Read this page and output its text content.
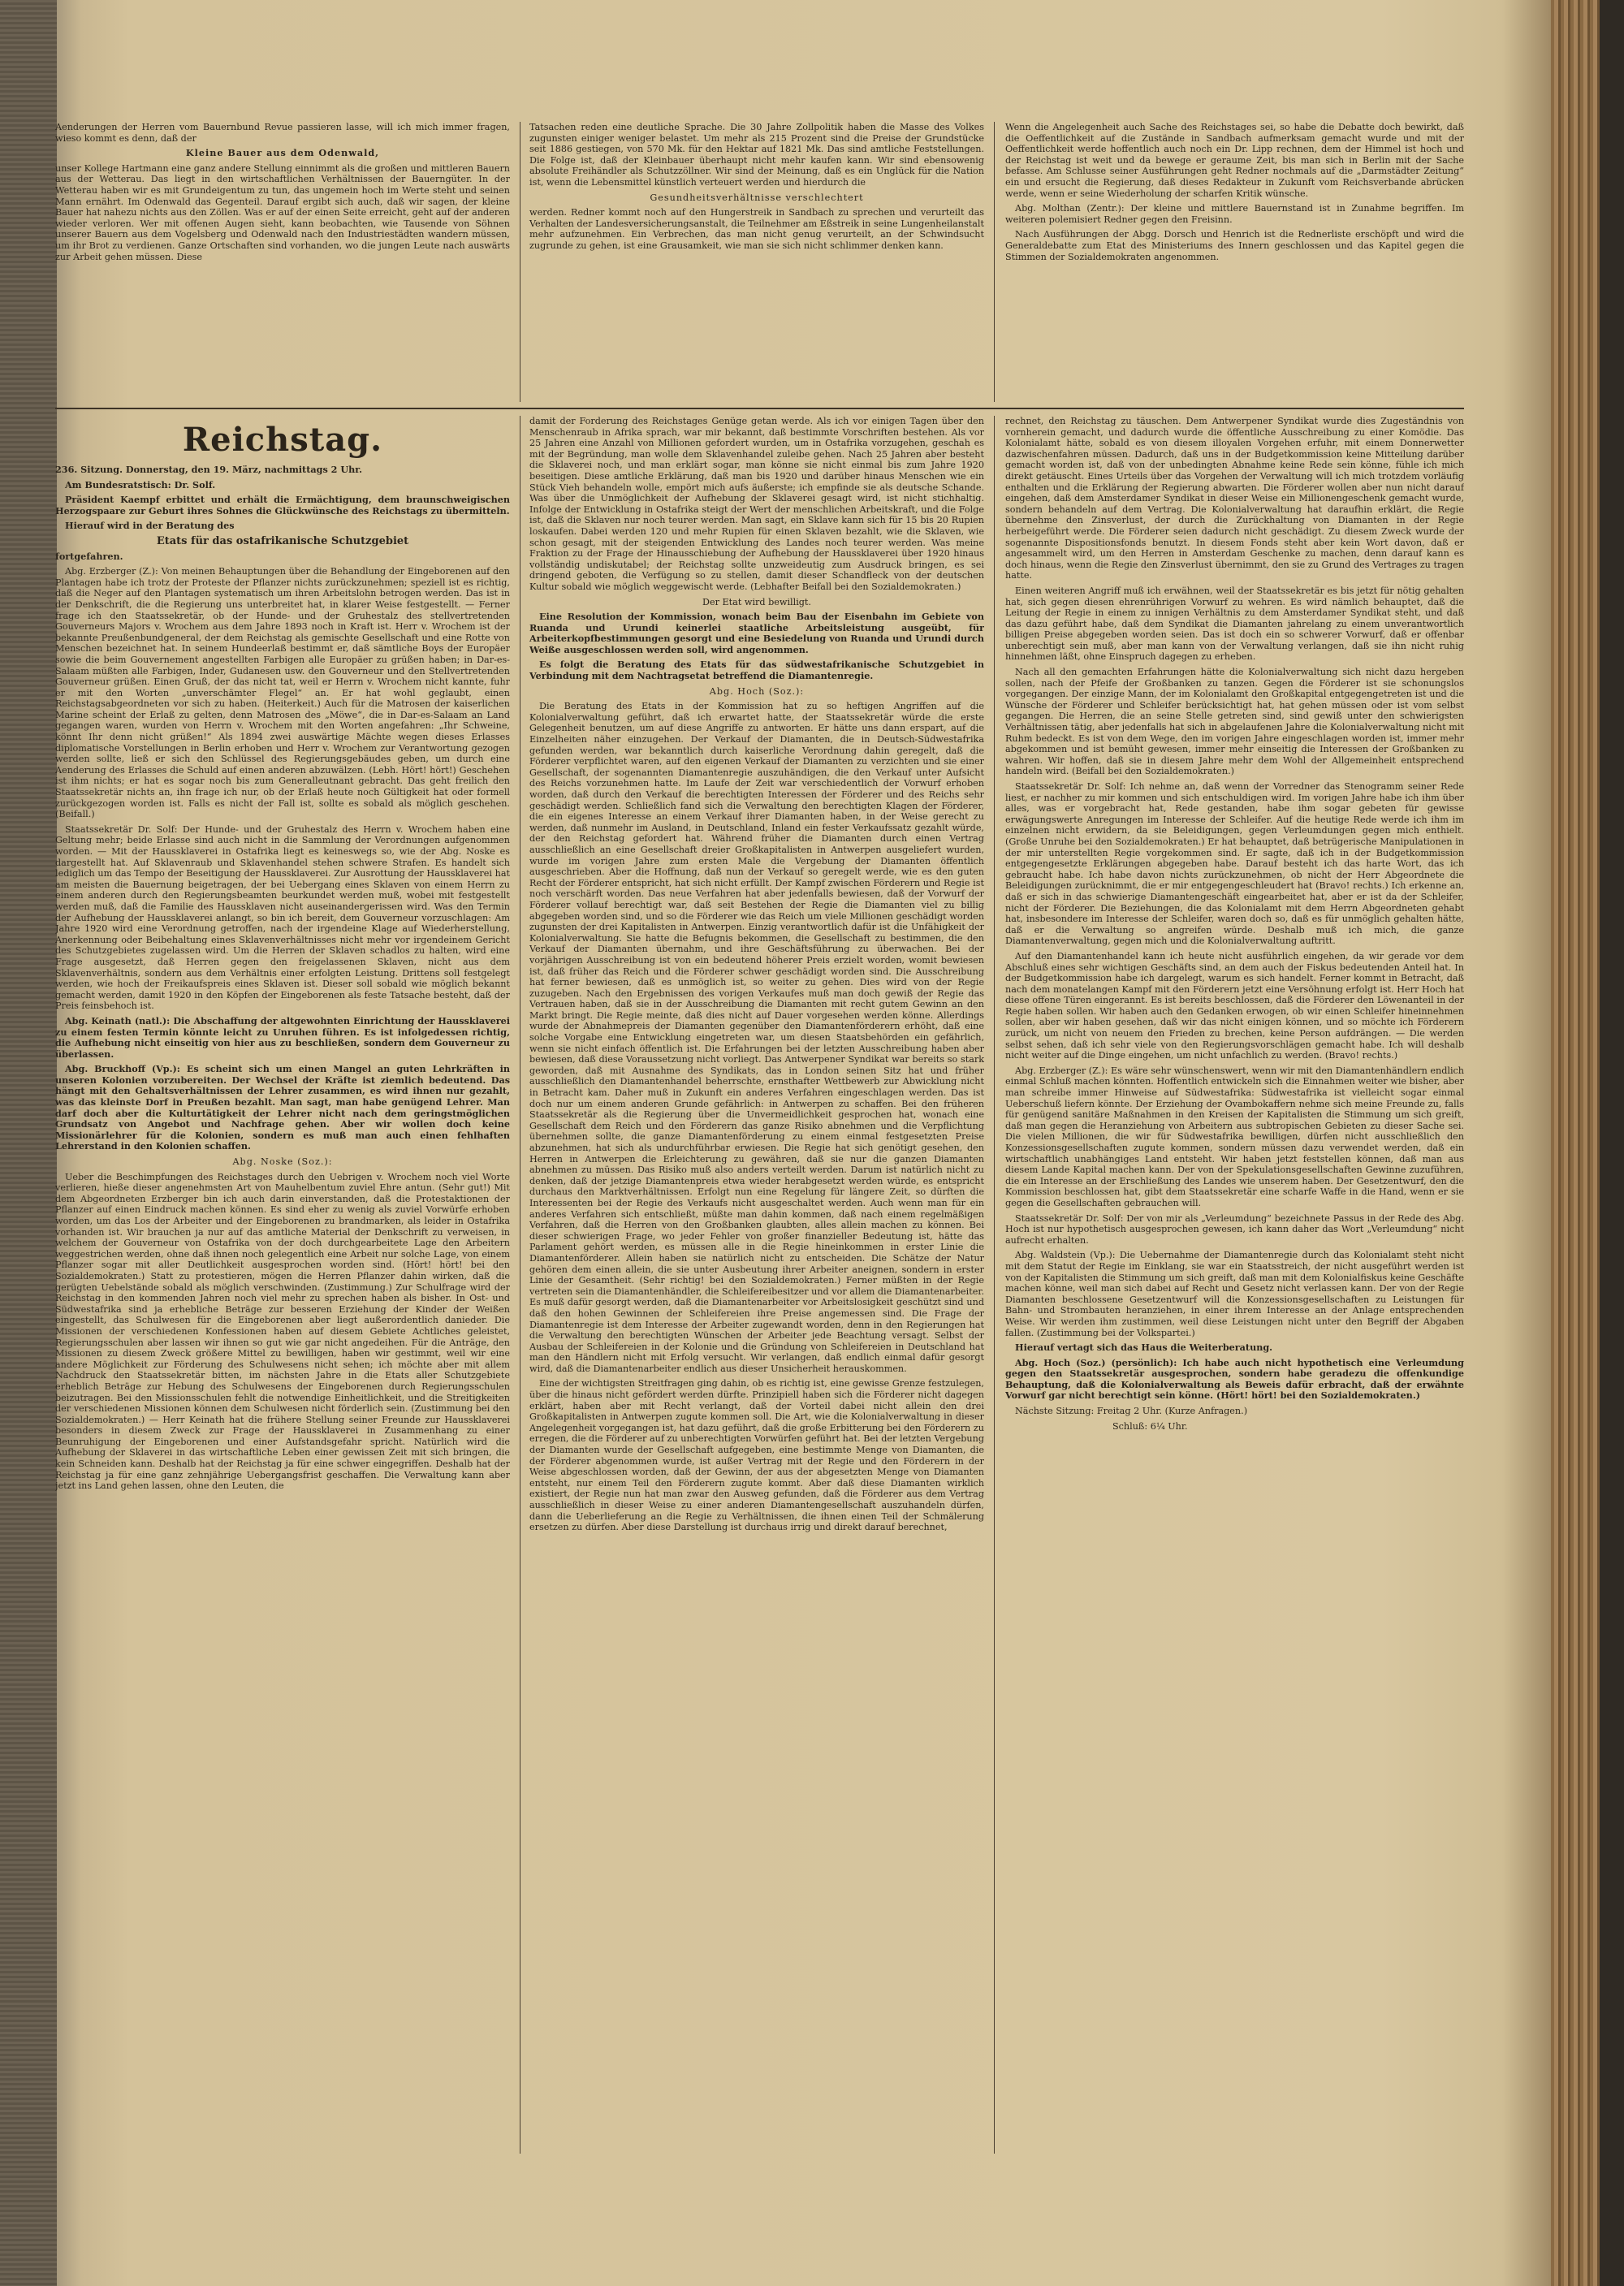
Aenderungen der Herren vom Bauernbund Revue passieren lasse, will ich mich immer fragen, wieso kommt es denn, daß der

Kleine Bauer aus dem Odenwald,

unser Kollege Hartmann eine ganz andere Stellung einnimmt als die großen und mittleren Bauern aus der Wetterau. Das liegt in den wirtschaftlichen Verhältnissen der Bauerngüter. In der Wetterau haben wir es mit Grundeigentum zu tun, das ungemein hoch im Werte steht und seinen Mann ernährt. Im Odenwald das Gegenteil. Darauf ergibt sich auch, daß wir sagen, der kleine Bauer hat nahezu nichts aus den Zöllen. Was er auf der einen Seite erreicht, geht auf der anderen wieder verloren. Wer mit offenen Augen sieht, kann beobachten, wie Tausende von Söhnen unserer Bauern aus dem Vogelsberg und Odenwald nach den Industriestädten wandern müssen, um ihr Brot zu verdienen. Ganze Ortschaften sind vorhanden, wo die jungen Leute nach auswärts zur Arbeit gehen müssen. Diese

Tatsachen reden eine deutliche Sprache. Die 30 Jahre Zollpolitik haben die Masse des Volkes zugunsten einiger weniger belastet. Um mehr als 215 Prozent sind die Preise der Grundstücke seit 1886 gestiegen, von 570 Mk. für den Hektar auf 1821 Mk. Das sind amtliche Feststellungen. Die Folge ist, daß der Kleinbauer überhaupt nicht mehr kaufen kann. Wir sind ebensowenig absolute Freihändler als Schutzzöllner. Wir sind der Meinung, daß es ein Unglück für die Nation ist, wenn die Lebensmittel künstlich verteuert werden und hierdurch die

Gesundheitsverhältnisse verschlechtert

werden. Redner kommt noch auf den Hungerstreik in Sandbach zu sprechen und verurteilt das Verhalten der Landesversicherungsanstalt, die Teilnehmer am Eßstreik in seine Lungenheilanstalt mehr aufzunehmen. Ein Verbrechen, das man nicht genug verurteilt, an der Schwindsucht zugrunde zu gehen, ist eine Grausamkeit, wie man sie sich nicht schlimmer denken kann.

Wenn die Angelegenheit auch Sache des Reichstages sei, so habe die Debatte doch bewirkt, daß die Oeffentlichkeit auf die Zustände in Sandbach aufmerksam gemacht wurde und mit der Oeffentlichkeit werde hoffentlich auch noch ein Dr. Lipp rechnen, dem der Himmel ist hoch und der Reichstag ist weit und da bewege er geraume Zeit, bis man sich in Berlin mit der Sache befasse. Am Schlusse seiner Ausführungen geht Redner nochmals auf die „Darmstädter Zeitung“ ein und ersucht die Regierung, daß dieses Redakteur in Zukunft vom Reichsverbande abrücken werde, wenn er seine Wiederholung der scharfen Kritik wünsche.

Abg. Molthan (Zentr.): Der kleine und mittlere Bauernstand ist in Zunahme begriffen. Im weiteren polemisiert Redner gegen den Freisinn.

Nach Ausführungen der Abgg. Dorsch und Henrich ist die Rednerliste erschöpft und wird die Generaldebatte zum Etat des Ministeriums des Innern geschlossen und das Kapitel gegen die Stimmen der Sozialdemokraten angenommen.

Reichstag.

236. Sitzung. Donnerstag, den 19. März, nachmittags 2 Uhr.

Am Bundesratstisch: Dr. Solf.

Präsident Kaempf erbittet und erhält die Ermächtigung, dem braunschweigischen Herzogspaare zur Geburt ihres Sohnes die Glückwünsche des Reichstags zu übermitteln.

Hierauf wird in der Beratung des

Etats für das ostafrikanische Schutzgebiet

fortgefahren.

Abg. Erzberger (Z.): Von meinen Behauptungen über die Behandlung der Eingeborenen auf den Plantagen habe ich trotz der Proteste der Pflanzer nichts zurückzunehmen; speziell ist es richtig, daß die Neger auf den Plantagen systematisch um ihren Arbeitslohn betrogen werden. Das ist in der Denkschrift, die die Regierung uns unterbreitet hat, in klarer Weise festgestellt. — Ferner frage ich den Staatssekretär, ob der Hunde- und der Gruhestalz des stellvertretenden Gouverneurs Majors v. Wrochem aus dem Jahre 1893 noch in Kraft ist. Herr v. Wrochem ist der bekannte Preußenbundgeneral, der dem Reichstag als gemischte Gesellschaft und eine Rotte von Menschen bezeichnet hat. In seinem Hundeerlaß bestimmt er, daß sämtliche Boys der Europäer sowie die beim Gouvernement angestellten Farbigen alle Europäer zu grüßen haben; in Dar-es-Salaam müßten alle Farbigen, Inder, Gudanesen usw. den Gouverneur und den Stellvertretenden Gouverneur grüßen. Einen Gruß, der das nicht tat, weil er Herrn v. Wrochem nicht kannte, fuhr er mit den Worten „unverschämter Flegel“ an. Er hat wohl geglaubt, einen Reichstagsabgeordneten vor sich zu haben. (Heiterkeit.) Auch für die Matrosen der kaiserlichen Marine scheint der Erlaß zu gelten, denn Matrosen des „Möwe“, die in Dar-es-Salaam an Land gegangen waren, wurden von Herrn v. Wrochem mit den Worten angefahren: „Ihr Schweine, könnt Ihr denn nicht grüßen!“ Als 1894 zwei auswärtige Mächte wegen dieses Erlasses diplomatische Vorstellungen in Berlin erhoben und Herr v. Wrochem zur Verantwortung gezogen werden sollte, ließ er sich den Schlüssel des Regierungsgebäudes geben, um durch eine Aenderung des Erlasses die Schuld auf einen anderen abzuwälzen. (Lebh. Hört! hört!) Geschehen ist ihm nichts; er hat es sogar noch bis zum Generalleutnant gebracht. Das geht freilich den Staatssekretär nichts an, ihn frage ich nur, ob der Erlaß heute noch Gültigkeit hat oder formell zurückgezogen worden ist. Falls es nicht der Fall ist, sollte es sobald als möglich geschehen. (Beifall.)

Staatssekretär Dr. Solf: Der Hunde- und der Gruhestalz des Herrn v. Wrochem haben eine Geltung mehr; beide Erlasse sind auch nicht in die Sammlung der Verordnungen aufgenommen worden. — Mit der Haussklaverei in Ostafrika liegt es keineswegs so, wie der Abg. Noske es dargestellt hat. Auf Sklavenraub und Sklavenhandel stehen schwere Strafen. Es handelt sich lediglich um das Tempo der Beseitigung der Haussklaverei. Zur Ausrottung der Haussklaverei hat am meisten die Bauernung beigetragen, der bei Uebergang eines Sklaven von einem Herrn zu einem anderen durch den Regierungsbeamten beurkundet werden muß, wobei mit festgestellt werden muß, daß die Familie des Haussklaven nicht auseinandergerissen wird. Was den Termin der Aufhebung der Haussklaverei anlangt, so bin ich bereit, dem Gouverneur vorzuschlagen: Am Jahre 1920 wird eine Verordnung getroffen, nach der irgendeine Klage auf Wiederherstellung, Anerkennung oder Beibehaltung eines Sklavenverhältnisses nicht mehr vor irgendeinem Gericht des Schutzgebietes zugelassen wird. Um die Herren der Sklaven schadlos zu halten, wird eine Frage ausgesetzt, daß Herren gegen den freigelassenen Sklaven, nicht aus dem Sklavenverhältnis, sondern aus dem Verhältnis einer erfolgten Leistung. Drittens soll festgelegt werden, wie hoch der Freikaufspreis eines Sklaven ist. Dieser soll sobald wie möglich bekannt gemacht werden, damit 1920 in den Köpfen der Eingeborenen als feste Tatsache besteht, daß der Preis feinsbehoch ist.

Abg. Keinath (natl.): Die Abschaffung der altgewohnten Einrichtung der Haussklaverei zu einem festen Termin könnte leicht zu Unruhen führen. Es ist infolgedessen richtig, die Aufhebung nicht einseitig von hier aus zu beschließen, sondern dem Gouverneur zu überlassen.

Abg. Bruckhoff (Vp.): Es scheint sich um einen Mangel an guten Lehrkräften in unseren Kolonien vorzubereiten. Der Wechsel der Kräfte ist ziemlich bedeutend. Das hängt mit den Gehaltsverhältnissen der Lehrer zusammen, es wird ihnen nur gezahlt, was das kleinste Dorf in Preußen bezahlt. Man sagt, man habe genügend Lehrer. Man darf doch aber die Kulturtätigkeit der Lehrer nicht nach dem geringstmöglichen Grundsatz von Angebot und Nachfrage gehen. Aber wir wollen doch keine Missionärlehrer für die Kolonien, sondern es muß man auch einen fehlhaften Lehrerstand in den Kolonien schaffen.

Abg. Noske (Soz.):

Ueber die Beschimpfungen des Reichstages durch den Uebrigen v. Wrochem noch viel Worte verlieren, hieße dieser angenehmsten Art von Mauhelbentum zuviel Ehre antun. (Sehr gut!) Mit dem Abgeordneten Erzberger bin ich auch darin einverstanden, daß die Protestaktionen der Pflanzer auf einen Eindruck machen können. Es sind eher zu wenig als zuviel Vorwürfe erhoben worden, um das Los der Arbeiter und der Eingeborenen zu brandmarken, als leider in Ostafrika vorhanden ist. Wir brauchen ja nur auf das amtliche Material der Denkschrift zu verweisen, in welchem der Gouverneur von Ostafrika von der doch durchgearbeitete Lage den Arbeitern weggestrichen werden, ohne daß ihnen noch gelegentlich eine Arbeit nur solche Lage, von einem Pflanzer sogar mit aller Deutlichkeit ausgesprochen worden sind. (Hört! hört! bei den Sozialdemokraten.) Statt zu protestieren, mögen die Herren Pflanzer dahin wirken, daß die gerügten Uebelstände sobald als möglich verschwinden. (Zustimmung.) Zur Schulfrage wird der Reichstag in den kommenden Jahren noch viel mehr zu sprechen haben als bisher. In Ost- und Südwestafrika sind ja erhebliche Beträge zur besseren Erziehung der Kinder der Weißen eingestellt, das Schulwesen für die Eingeborenen aber liegt außerordentlich danieder. Die Missionen der verschiedenen Konfessionen haben auf diesem Gebiete Achtliches geleistet, Regierungsschulen aber lassen wir ihnen so gut wie gar nicht angedeihen. Für die Anträge, den Missionen zu diesem Zweck größere Mittel zu bewilligen, haben wir gestimmt, weil wir eine andere Möglichkeit zur Förderung des Schulwesens nicht sehen; ich möchte aber mit allem Nachdruck den Staatssekretär bitten, im nächsten Jahre in die Etats aller Schutzgebiete erheblich Beträge zur Hebung des Schulwesens der Eingeborenen durch Regierungsschulen beizutragen. Bei den Missionsschulen fehlt die notwendige Einheitlichkeit, und die Streitigkeiten der verschiedenen Missionen können dem Schulwesen nicht förderlich sein. (Zustimmung bei den Sozialdemokraten.) — Herr Keinath hat die frühere Stellung seiner Freunde zur Haussklaverei besonders in diesem Zweck zur Frage der Haussklaverei in Zusammenhang zu einer Beunruhigung der Eingeborenen und einer Aufstandsgefahr spricht. Natürlich wird die Aufhebung der Sklaverei in das wirtschaftliche Leben einer gewissen Zeit mit sich bringen, die kein Schneiden kann. Deshalb hat der Reichstag ja für eine schwer eingegriffen. Deshalb hat der Reichstag ja für eine ganz zehnjährige Uebergangsfrist geschaffen. Die Verwaltung kann aber jetzt ins Land gehen lassen, ohne den Leuten, die

damit der Forderung des Reichstages Genüge getan werde. Als ich vor einigen Tagen über den Menschenraub in Afrika sprach, war mir bekannt, daß bestimmte Vorschriften bestehen. Als vor 25 Jahren eine Anzahl von Millionen gefordert wurden, um in Ostafrika vorzugehen, geschah es mit der Begründung, man wolle dem Sklavenhandel zuleibe gehen. Nach 25 Jahren aber besteht die Sklaverei noch, und man erklärt sogar, man könne sie nicht einmal bis zum Jahre 1920 beseitigen. Diese amtliche Erklärung, daß man bis 1920 und darüber hinaus Menschen wie ein Stück Vieh behandeln wolle, empört mich aufs äußerste; ich empfinde sie als deutsche Schande. Was über die Unmöglichkeit der Aufhebung der Sklaverei gesagt wird, ist nicht stichhaltig. Infolge der Entwicklung in Ostafrika steigt der Wert der menschlichen Arbeitskraft, und die Folge ist, daß die Sklaven nur noch teurer werden. Man sagt, ein Sklave kann sich für 15 bis 20 Rupien loskaufen. Dabei werden 120 und mehr Rupien für einen Sklaven bezahlt, wie die Sklaven, wie schon gesagt, mit der steigenden Entwicklung des Landes noch teurer werden. Was meine Fraktion zu der Frage der Hinausschiebung der Aufhebung der Haussklaverei über 1920 hinaus vollständig undiskutabel; der Reichstag sollte unzweideutig zum Ausdruck bringen, es sei dringend geboten, die Verfügung so zu stellen, damit dieser Schandfleck von der deutschen Kultur sobald wie möglich weggewischt werde. (Lebhafter Beifall bei den Sozialdemokraten.)

Der Etat wird bewilligt.

Eine Resolution der Kommission, wonach beim Bau der Eisenbahn im Gebiete von Ruanda und Urundi keinerlei staatliche Arbeitsleistung ausgeübt, für Arbeiterkopfbestimmungen gesorgt und eine Besiedelung von Ruanda und Urundi durch Weiße ausgeschlossen werden soll, wird angenommen.

Es folgt die Beratung des Etats für das südwestafrikanische Schutzgebiet in Verbindung mit dem Nachtragsetat betreffend die Diamantenregie.

Abg. Hoch (Soz.):

Die Beratung des Etats in der Kommission hat zu so heftigen Angriffen auf die Kolonialverwaltung geführt, daß ich erwartet hatte, der Staatssekretär würde die erste Gelegenheit benutzen, um auf diese Angriffe zu antworten. Er hätte uns dann erspart, auf die Einzelheiten näher einzugehen. Der Verkauf der Diamanten, die in Deutsch-Südwestafrika gefunden werden, war bekanntlich durch kaiserliche Verordnung dahin geregelt, daß die Förderer verpflichtet waren, auf den eigenen Verkauf der Diamanten zu verzichten und sie einer Gesellschaft, der sogenannten Diamantenregie auszuhändigen, die den Verkauf unter Aufsicht des Reichs vorzunehmen hatte. Im Laufe der Zeit war verschiedentlich der Vorwurf erhoben worden, daß durch den Verkauf die berechtigten Interessen der Förderer und des Reichs sehr geschädigt werden. Schließlich fand sich die Verwaltung den berechtigten Klagen der Förderer, die ein eigenes Interesse an einem Verkauf ihrer Diamanten haben, in der Weise gerecht zu werden, daß nunmehr im Ausland, in Deutschland, Inland ein fester Verkaufssatz gezahlt würde, der den Reichstag gefordert hat. Während früher die Diamanten durch einen Vertrag ausschließlich an eine Gesellschaft dreier Großkapitalisten in Antwerpen ausgeliefert wurden, wurde im vorigen Jahre zum ersten Male die Vergebung der Diamanten öffentlich ausgeschrieben. Aber die Hoffnung, daß nun der Verkauf so geregelt werde, wie es den guten Recht der Förderer entspricht, hat sich nicht erfüllt. Der Kampf zwischen Förderern und Regie ist noch verschärft worden. Das neue Verfahren hat aber jedenfalls bewiesen, daß der Vorwurf der Förderer vollauf berechtigt war, daß seit Bestehen der Regie die Diamanten viel zu billig abgegeben worden sind, und so die Förderer wie das Reich um viele Millionen geschädigt worden zugunsten der drei Kapitalisten in Antwerpen. Einzig verantwortlich dafür ist die Unfähigkeit der Kolonialverwaltung. Sie hatte die Befugnis bekommen, die Gesellschaft zu bestimmen, die den Verkauf der Diamanten übernahm, und ihre Geschäftsführung zu überwachen. Bei der vorjährigen Ausschreibung ist von ein bedeutend höherer Preis erzielt worden, womit bewiesen ist, daß früher das Reich und die Förderer schwer geschädigt worden sind. Die Ausschreibung hat ferner bewiesen, daß es unmöglich ist, so weiter zu gehen. Dies wird von der Regie zuzugeben. Nach den Ergebnissen des vorigen Verkaufes muß man doch gewiß der Regie das Vertrauen haben, daß sie in der Ausschreibung die Diamanten mit recht gutem Gewinn an den Markt bringt. Die Regie meinte, daß dies nicht auf Dauer vorgesehen werden könne. Allerdings wurde der Abnahmepreis der Diamanten gegenüber den Diamantenförderern erhöht, daß eine solche Vorgabe eine Entwicklung eingetreten war, um diesen Staatsbehörden ein gefährlich, wenn sie nicht einfach öffentlich ist. Die Erfahrungen bei der letzten Ausschreibung haben aber bewiesen, daß diese Voraussetzung nicht vorliegt. Das Antwerpener Syndikat war bereits so stark geworden, daß mit Ausnahme des Syndikats, das in London seinen Sitz hat und früher ausschließlich den Diamantenhandel beherrschte, ernsthafter Wettbewerb zur Abwicklung nicht in Betracht kam. Daher muß in Zukunft ein anderes Verfahren eingeschlagen werden. Das ist doch nur um einem anderen Grunde gefährlich: in Antwerpen zu schaffen. Bei den früheren Staatssekretär als die Regierung über die Unvermeidlichkeit gesprochen hat, wonach eine Gesellschaft dem Reich und den Förderern das ganze Risiko abnehmen und die Verpflichtung übernehmen sollte, die ganze Diamantenförderung zu einem einmal festgesetzten Preise abzunehmen, hat sich als undurchführbar erwiesen. Die Regie hat sich genötigt gesehen, den Herren in Antwerpen die Erleichterung zu gewähren, daß sie nur die ganzen Diamanten abnehmen zu müssen. Das Risiko muß also anders verteilt werden. Darum ist natürlich nicht zu denken, daß der jetzige Diamantenpreis etwa wieder herabgesetzt werden würde, es entspricht durchaus den Marktverhältnissen. Erfolgt nun eine Regelung für längere Zeit, so dürften die Interessenten bei der Regie des Verkaufs nicht ausgeschaltet werden. Auch wenn man für ein anderes Verfahren sich entschließt, müßte man dahin kommen, daß nach einem regelmäßigen Verfahren, daß die Herren von den Großbanken glaubten, alles allein machen zu können. Bei dieser schwierigen Frage, wo jeder Fehler von großer finanzieller Bedeutung ist, hätte das Parlament gehört werden, es müssen alle in die Regie hineinkommen in erster Linie die Diamantenförderer. Allein haben sie natürlich nicht zu entscheiden. Die Schätze der Natur gehören dem einen allein, die sie unter Ausbeutung ihrer Arbeiter aneignen, sondern in erster Linie der Gesamtheit. (Sehr richtig! bei den Sozialdemokraten.) Ferner müßten in der Regie vertreten sein die Diamantenhändler, die Schleifereibesitzer und vor allem die Diamantenarbeiter. Es muß dafür gesorgt werden, daß die Diamantenarbeiter vor Arbeitslosigkeit geschützt sind und daß den hohen Gewinnen der Schleifereien ihre Preise angemessen sind. Die Frage der Diamantenregie ist dem Interesse der Arbeiter zugewandt worden, denn in den Regierungen hat die Verwaltung den berechtigten Wünschen der Arbeiter jede Beachtung versagt. Selbst der Ausbau der Schleifereien in der Kolonie und die Gründung von Schleifereien in Deutschland hat man den Händlern nicht mit Erfolg versucht. Wir verlangen, daß endlich einmal dafür gesorgt wird, daß die Diamantenarbeiter endlich aus dieser Unsicherheit herauskommen.

Eine der wichtigsten Streitfragen ging dahin, ob es richtig ist, eine gewisse Grenze festzulegen, über die hinaus nicht gefördert werden dürfte. Prinzipiell haben sich die Förderer nicht dagegen erklärt, haben aber mit Recht verlangt, daß der Vorteil dabei nicht allein den drei Großkapitalisten in Antwerpen zugute kommen soll. Die Art, wie die Kolonialverwaltung in dieser Angelegenheit vorgegangen ist, hat dazu geführt, daß die große Erbitterung bei den Förderern zu erregen, die die Förderer auf zu unberechtigten Vorwürfen geführt hat. Bei der letzten Vergebung der Diamanten wurde der Gesellschaft aufgegeben, eine bestimmte Menge von Diamanten, die der Förderer abgenommen wurde, ist außer Vertrag mit der Regie und den Förderern in der Weise abgeschlossen worden, daß der Gewinn, der aus der abgesetzten Menge von Diamanten entsteht, nur einem Teil den Förderern zugute kommt. Aber daß diese Diamanten wirklich existiert, der Regie nun hat man zwar den Ausweg gefunden, daß die Förderer aus dem Vertrag ausschließlich in dieser Weise zu einer anderen Diamantengesellschaft auszuhandeln dürfen, dann die Ueberlieferung an die Regie zu Verhältnissen, die ihnen einen Teil der Schmälerung ersetzen zu dürfen. Aber diese Darstellung ist durchaus irrig und direkt darauf berechnet,

rechnet, den Reichstag zu täuschen. Dem Antwerpener Syndikat wurde dies Zugeständnis von vornherein gemacht, und dadurch wurde die öffentliche Ausschreibung zu einer Komödie. Das Kolonialamt hätte, sobald es von diesem illoyalen Vorgehen erfuhr, mit einem Donnerwetter dazwischenfahren müssen. Dadurch, daß uns in der Budgetkommission keine Mitteilung darüber gemacht worden ist, daß von der unbedingten Abnahme keine Rede sein könne, fühle ich mich direkt getäuscht. Eines Urteils über das Vorgehen der Verwaltung will ich mich trotzdem vorläufig enthalten und die Erklärung der Regierung abwarten. Die Förderer wollen aber nun nicht darauf eingehen, daß dem Amsterdamer Syndikat in dieser Weise ein Millionengeschenk gemacht wurde, sondern behandeln auf dem Vertrag. Die Kolonialverwaltung hat daraufhin erklärt, die Regie übernehme den Zinsverlust, der durch die Zurückhaltung von Diamanten in der Regie herbeigeführt werde. Die Förderer seien dadurch nicht geschädigt. Zu diesem Zweck wurde der sogenannte Dispositionsfonds benutzt. In diesem Fonds steht aber kein Wort davon, daß er angesammelt wird, um den Herren in Amsterdam Geschenke zu machen, denn darauf kann es doch hinaus, wenn die Regie den Zinsverlust übernimmt, den sie zu Grund des Vertrages zu tragen hatte.

Einen weiteren Angriff muß ich erwähnen, weil der Staatssekretär es bis jetzt für nötig gehalten hat, sich gegen diesen ehrenrührigen Vorwurf zu wehren. Es wird nämlich behauptet, daß die Leitung der Regie in einem zu innigen Verhältnis zu dem Amsterdamer Syndikat steht, und daß das dazu geführt habe, daß dem Syndikat die Diamanten jahrelang zu einem unverantwortlich billigen Preise abgegeben worden seien. Das ist doch ein so schwerer Vorwurf, daß er offenbar unberechtigt sein muß, aber man kann von der Verwaltung verlangen, daß sie ihn nicht ruhig hinnehmen läßt, ohne Einspruch dagegen zu erheben.

Nach all den gemachten Erfahrungen hätte die Kolonialverwaltung sich nicht dazu hergeben sollen, nach der Pfeife der Großbanken zu tanzen. Gegen die Förderer ist sie schonungslos vorgegangen. Der einzige Mann, der im Kolonialamt den Großkapital entgegengetreten ist und die Wünsche der Förderer und Schleifer berücksichtigt hat, hat gehen müssen oder ist vom selbst gegangen. Die Herren, die an seine Stelle getreten sind, sind gewiß unter den schwierigsten Verhältnissen tätig, aber jedenfalls hat sich in abgelaufenen Jahre die Kolonialverwaltung nicht mit Ruhm bedeckt. Es ist von dem Wege, den im vorigen Jahre eingeschlagen worden ist, immer mehr abgekommen und ist bemüht gewesen, immer mehr einseitig die Interessen der Großbanken zu wahren. Wir hoffen, daß sie in diesem Jahre mehr dem Wohl der Allgemeinheit entsprechend handeln wird. (Beifall bei den Sozialdemokraten.)

Staatssekretär Dr. Solf: Ich nehme an, daß wenn der Vorredner das Stenogramm seiner Rede liest, er nachher zu mir kommen und sich entschuldigen wird. Im vorigen Jahre habe ich ihm über alles, was er vorgebracht hat, Rede gestanden, habe ihm sogar gebeten für gewisse erwägungswerte Anregungen im Interesse der Schleifer. Auf die heutige Rede werde ich ihm im einzelnen nicht erwidern, da sie Beleidigungen, gegen Verleumdungen gegen mich enthielt. (Große Unruhe bei den Sozialdemokraten.) Er hat behauptet, daß betrügerische Manipulationen in der mir unterstellten Regie vorgekommen sind. Er sagte, daß ich in der Budgetkommission entgegengesetzte Erklärungen abgegeben habe. Darauf besteht ich das harte Wort, das ich gebraucht habe. Ich habe davon nichts zurückzunehmen, ob nicht der Herr Abgeordnete die Beleidigungen zurücknimmt, die er mir entgegengeschleudert hat (Bravo! rechts.) Ich erkenne an, daß er sich in das schwierige Diamantengeschäft eingearbeitet hat, aber er ist da der Schleifer, nicht der Förderer. Die Beziehungen, die das Kolonialamt mit dem Herrn Abgeordneten gehabt hat, insbesondere im Interesse der Schleifer, waren doch so, daß es für unmöglich gehalten hätte, daß er die Verwaltung so angreifen würde. Deshalb muß ich mich, die ganze Diamantenverwaltung, gegen mich und die Kolonialverwaltung auftritt.

Auf den Diamantenhandel kann ich heute nicht ausführlich eingehen, da wir gerade vor dem Abschluß eines sehr wichtigen Geschäfts sind, an dem auch der Fiskus bedeutenden Anteil hat. In der Budgetkommission habe ich dargelegt, warum es sich handelt. Ferner kommt in Betracht, daß nach dem monatelangen Kampf mit den Förderern jetzt eine Versöhnung erfolgt ist. Herr Hoch hat diese offene Türen eingerannt. Es ist bereits beschlossen, daß die Förderer den Löwenanteil in der Regie haben sollen. Wir haben auch den Gedanken erwogen, ob wir einen Schleifer hineinnehmen sollen, aber wir haben gesehen, daß wir das nicht einigen können, und so möchte ich Förderern zurück, um nicht von neuem den Frieden zu brechen, keine Person aufdrängen. — Die werden selbst sehen, daß ich sehr viele von den Regierungsvorschlägen gemacht habe. Ich will deshalb nicht weiter auf die Dinge eingehen, um nicht unfachlich zu werden. (Bravo! rechts.)

Abg. Erzberger (Z.): Es wäre sehr wünschenswert, wenn wir mit den Diamantenhändlern endlich einmal Schluß machen könnten. Hoffentlich entwickeln sich die Einnahmen weiter wie bisher, aber man schreibe immer Hinweise auf Südwestafrika: Südwestafrika ist vielleicht sogar einmal Ueberschuß liefern könnte. Der Erziehung der Ovambokaffern nehme sich meine Freunde zu, falls für genügend sanitäre Maßnahmen in den Kreisen der Kapitalisten die Stimmung um sich greift, daß man gegen die Heranziehung von Arbeitern aus subtropischen Gebieten zu dieser Sache sei. Die vielen Millionen, die wir für Südwestafrika bewilligen, dürfen nicht ausschließlich den Konzessionsgesellschaften zugute kommen, sondern müssen dazu verwendet werden, daß ein wirtschaftlich unabhängiges Land entsteht. Wir haben jetzt feststellen können, daß man aus diesem Lande Kapital machen kann. Der von der Spekulationsgesellschaften Gewinne zuzuführen, die ein Interesse an der Erschließung des Landes wie unserem haben. Der Gesetzentwurf, den die Kommission beschlossen hat, gibt dem Staatssekretär eine scharfe Waffe in die Hand, wenn er sie gegen die Gesellschaften gebrauchen will.

Staatssekretär Dr. Solf: Der von mir als „Verleumdung“ bezeichnete Passus in der Rede des Abg. Hoch ist nur hypothetisch ausgesprochen gewesen, ich kann daher das Wort „Verleumdung“ nicht aufrecht erhalten.

Abg. Waldstein (Vp.): Die Uebernahme der Diamantenregie durch das Kolonialamt steht nicht mit dem Statut der Regie im Einklang, sie war ein Staatsstreich, der nicht ausgeführt werden ist von der Kapitalisten die Stimmung um sich greift, daß man mit dem Kolonialfiskus keine Geschäfte machen könne, weil man sich dabei auf Recht und Gesetz nicht verlassen kann. Der von der Regie Diamanten beschlossene Gesetzentwurf will die Konzessionsgesellschaften zu Leistungen für Bahn- und Strombauten heranziehen, in einer ihrem Interesse an der Anlage entsprechenden Weise. Wir werden ihm zustimmen, weil diese Leistungen nicht unter den Begriff der Abgaben fallen. (Zustimmung bei der Volkspartei.)

Hierauf vertagt sich das Haus die Weiterberatung.

Abg. Hoch (Soz.) (persönlich): Ich habe auch nicht hypothetisch eine Verleumdung gegen den Staatssekretär ausgesprochen, sondern habe geradezu die offenkundige Behauptung, daß die Kolonialverwaltung als Beweis dafür erbracht, daß der erwähnte Vorwurf gar nicht berechtigt sein könne. (Hört! hört! bei den Sozialdemokraten.)

Nächste Sitzung: Freitag 2 Uhr. (Kurze Anfragen.)

Schluß: 6¼ Uhr.
